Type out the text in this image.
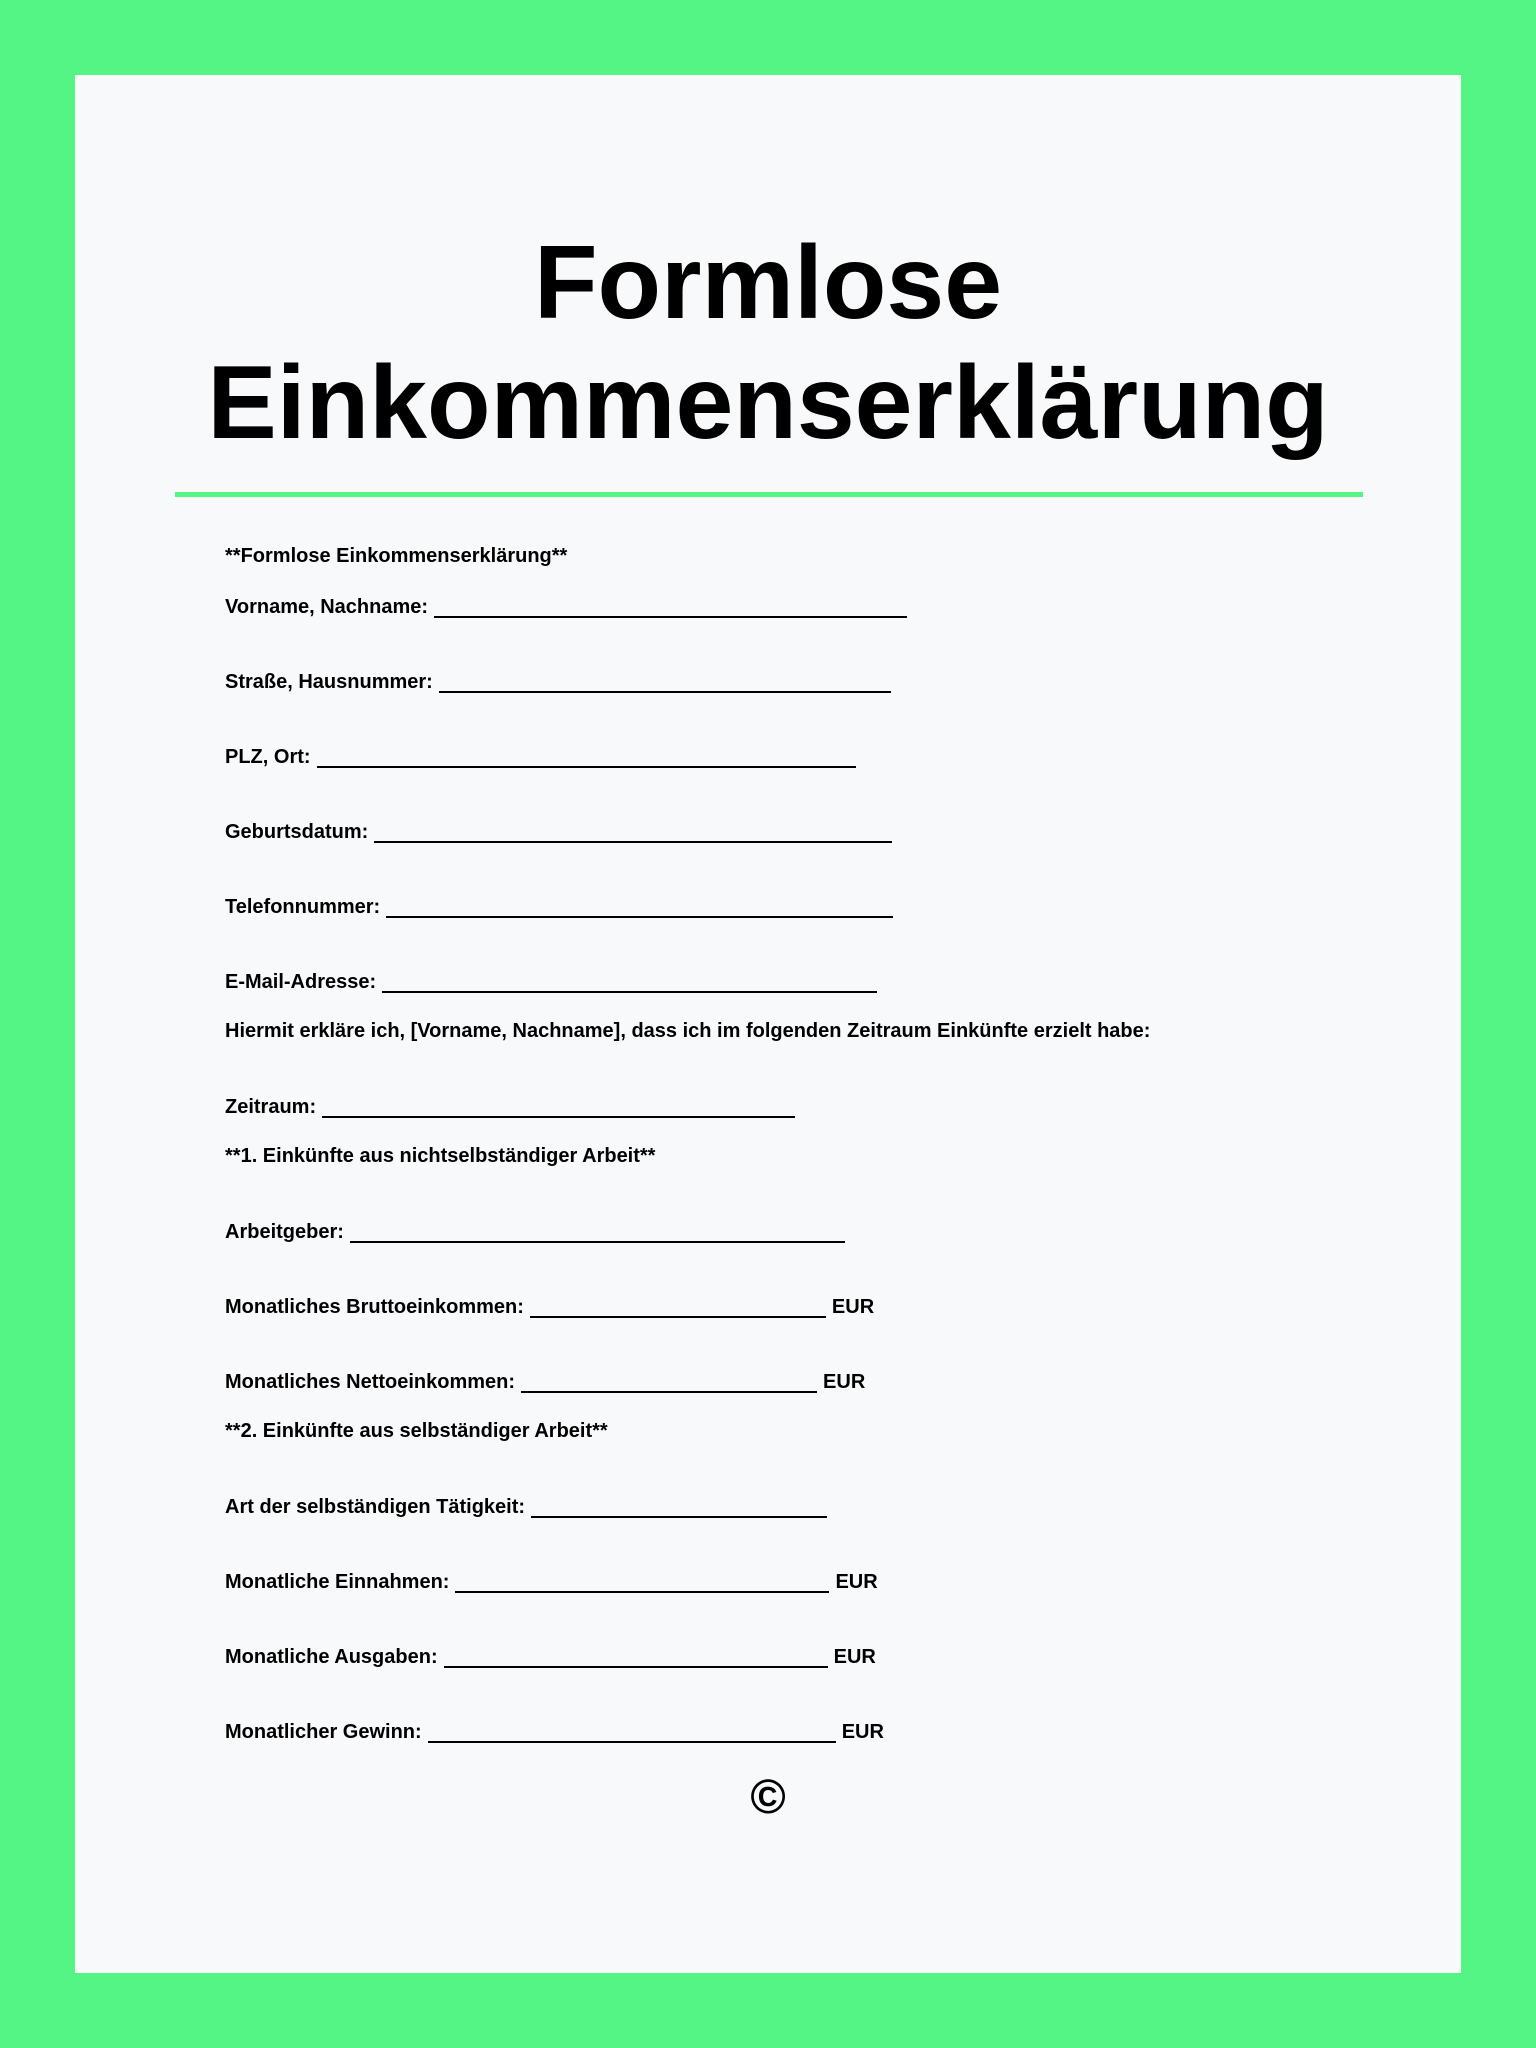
Formlose
Einkommenserklärung
**Formlose Einkommenserklärung**
Vorname, Nachname:
Straße, Hausnummer:
PLZ, Ort:
Geburtsdatum:
Telefonnummer:
E-Mail-Adresse:
Hiermit erkläre ich, [Vorname, Nachname], dass ich im folgenden Zeitraum Einkünfte erzielt habe:
Zeitraum:
**1. Einkünfte aus nichtselbständiger Arbeit**
Arbeitgeber:
Monatliches Bruttoeinkommen:	EUR
Monatliches Nettoeinkommen:	EUR
**2. Einkünfte aus selbständiger Arbeit**
Art der selbständigen Tätigkeit:
Monatliche Einnahmen:	EUR
Monatliche Ausgaben:	EUR
Monatlicher Gewinn:	EUR
©
